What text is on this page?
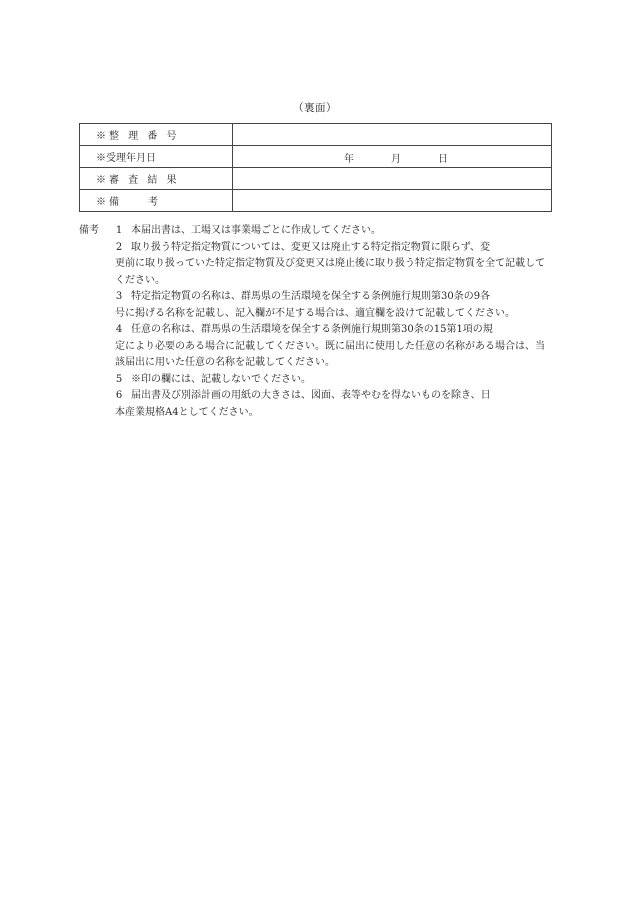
（裏面）
※整 理 番 号	
※受理年月日	年 月 日

※審 査 結 果	
※備　　考	
備考 1 本届出書は、工場又は事業場ごとに作成してください。
2 取り扱う特定指定物質については、変更又は廃止する特定指定物質に限らず、変
更前に取り扱っていた特定指定物質及び変更又は廃止後に取り扱う特定指定物質を全て記載してください。
3 特定指定物質の名称は、群馬県の生活環境を保全する条例施行規則第30条の9各
号に掲げる名称を記載し、記入欄が不足する場合は、適宜欄を設けて記載してください。
4 任意の名称は、群馬県の生活環境を保全する条例施行規則第30条の15第1項の規
定により必要のある場合に記載してください。既に届出に使用した任意の名称がある場合は、当該届出に用いた任意の名称を記載してください。
5 ※印の欄には、記載しないでください。
6 届出書及び別添計画の用紙の大きさは、図面、表等やむを得ないものを除き、日
本産業規格A4としてください。
